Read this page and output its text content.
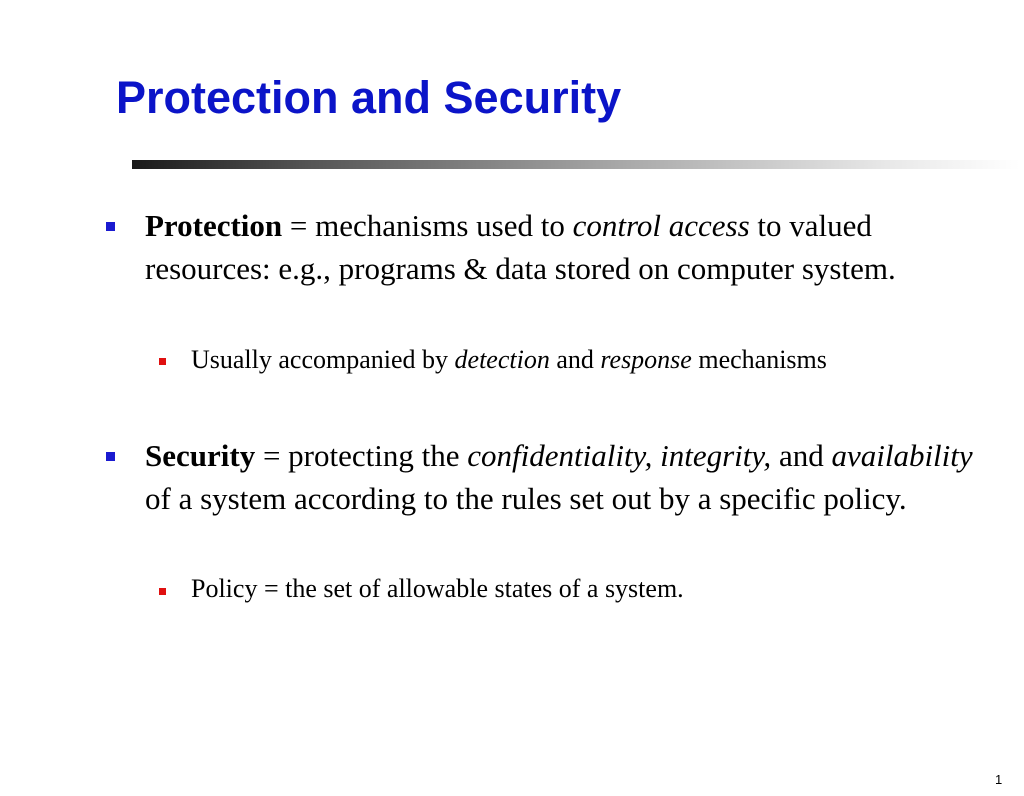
Protection and Security

Protection = mechanisms used to control access to valued resources: e.g., programs & data stored on computer system.

Usually accompanied by detection and response mechanisms

Security = protecting the confidentiality, integrity, and availability of a system according to the rules set out by a specific policy.

Policy = the set of allowable states of a system.

1
